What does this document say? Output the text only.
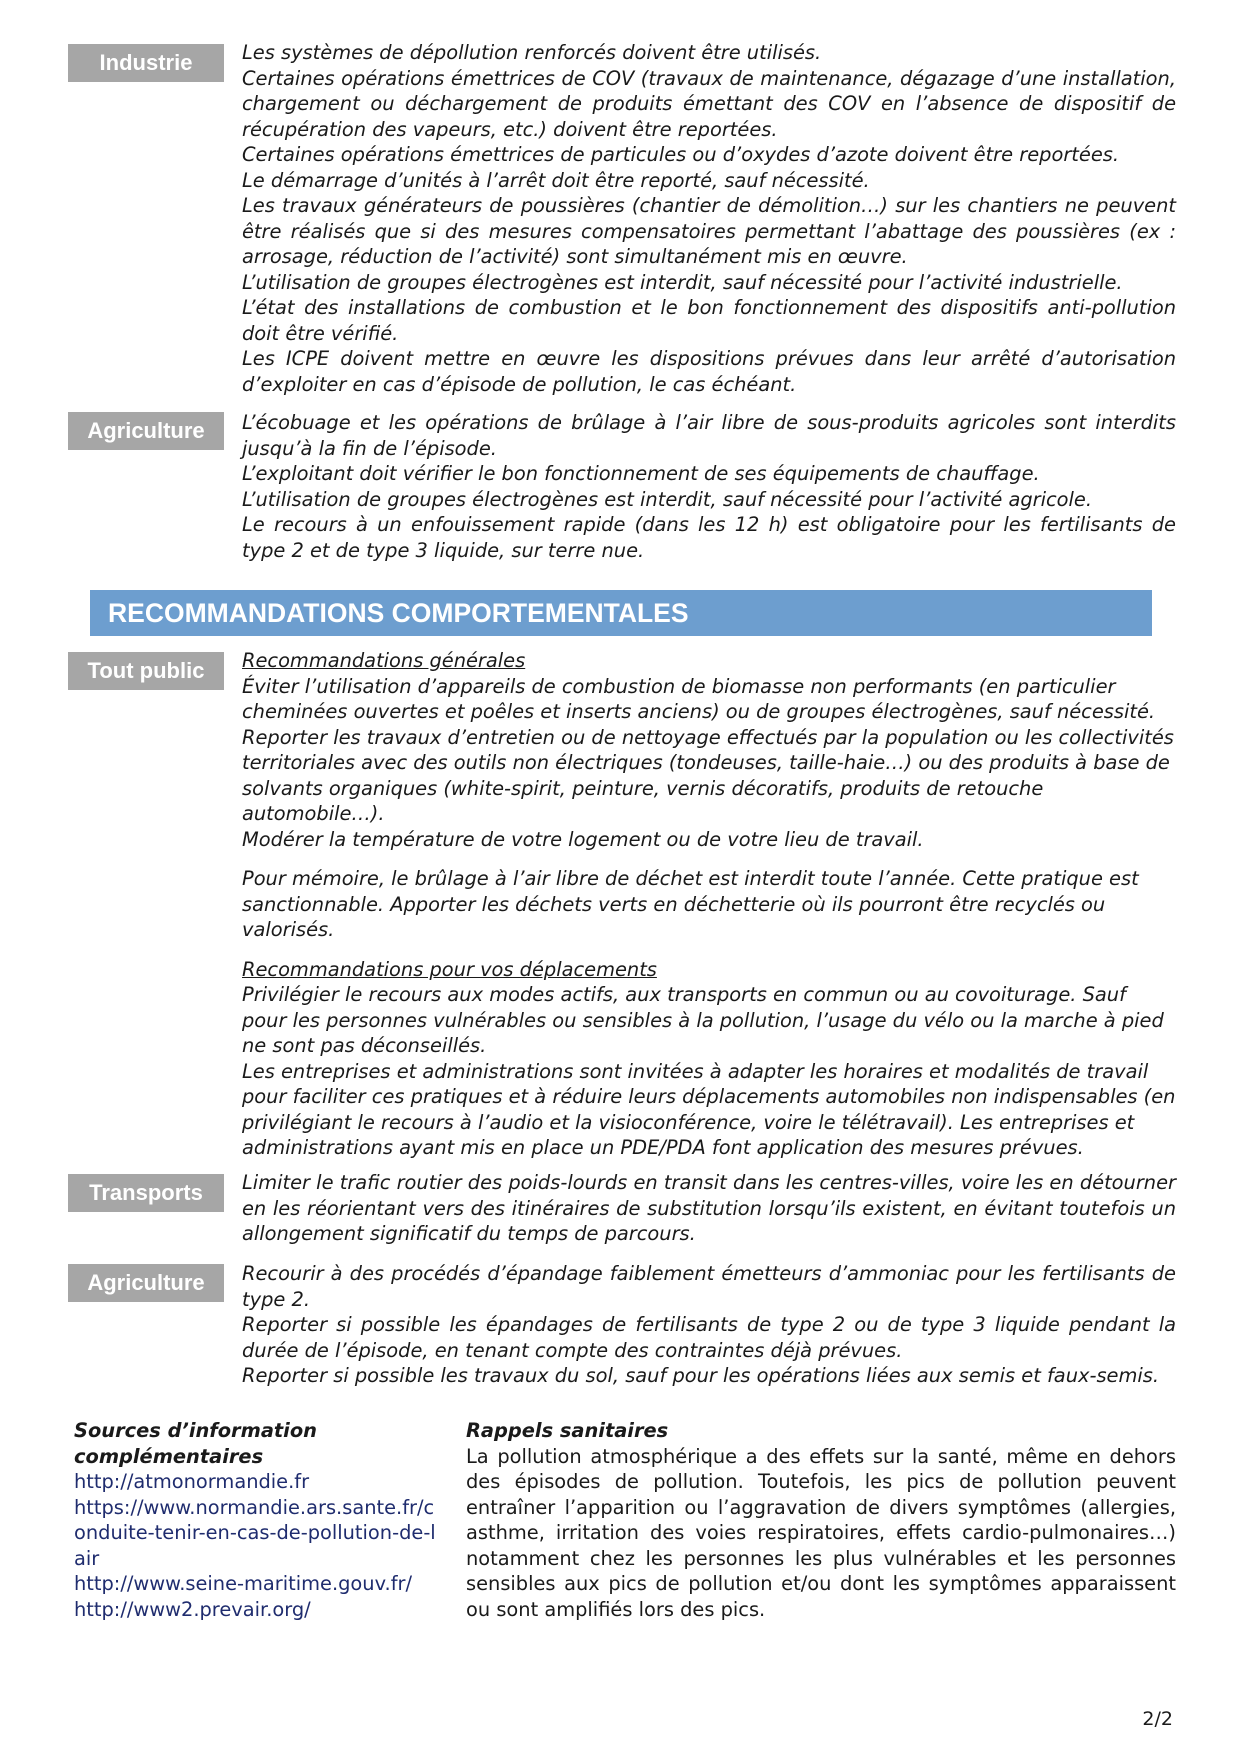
Industrie	Les systèmes de dépollution renforcés doivent être utilisés.

Certaines opérations émettrices de COV (travaux de maintenance, dégazage d’une installation, chargement ou déchargement de produits émettant des COV en l’absence de dispositif de récupération des vapeurs, etc.) doivent être reportées.

Certaines opérations émettrices de particules ou d’oxydes d’azote doivent être reportées.

Le démarrage d’unités à l’arrêt doit être reporté, sauf nécessité.

Les travaux générateurs de poussières (chantier de démolition…) sur les chantiers ne peuvent être réalisés que si des mesures compensatoires permettant l’abattage des poussières (ex : arrosage, réduction de l’activité) sont simultanément mis en œuvre.

L’utilisation de groupes électrogènes est interdit, sauf nécessité pour l’activité industrielle.

L’état des installations de combustion et le bon fonctionnement des dispositifs anti-pollution doit être vérifié.

Les ICPE doivent mettre en œuvre les dispositions prévues dans leur arrêté d’autorisation d’exploiter en cas d’épisode de pollution, le cas échéant.

Agriculture	L’écobuage et les opérations de brûlage à l’air libre de sous-produits agricoles sont interdits jusqu’à la fin de l’épisode.

L’exploitant doit vérifier le bon fonctionnement de ses équipements de chauffage.

L’utilisation de groupes électrogènes est interdit, sauf nécessité pour l’activité agricole.

Le recours à un enfouissement rapide (dans les 12 h) est obligatoire pour les fertilisants de type 2 et de type 3 liquide, sur terre nue.

RECOMMANDATIONS COMPORTEMENTALES
Tout public	Recommandations générales

Éviter l’utilisation d’appareils de combustion de biomasse non performants (en particulier cheminées ouvertes et poêles et inserts anciens) ou de groupes électrogènes, sauf nécessité.

Reporter les travaux d’entretien ou de nettoyage effectués par la population ou les collectivités territoriales avec des outils non électriques (tondeuses, taille-haie…) ou des produits à base de solvants organiques (white-spirit, peinture, vernis décoratifs, produits de retouche automobile…).

Modérer la température de votre logement ou de votre lieu de travail.

Pour mémoire, le brûlage à l’air libre de déchet est interdit toute l’année. Cette pratique est sanctionnable. Apporter les déchets verts en déchetterie où ils pourront être recyclés ou valorisés.

Recommandations pour vos déplacements

Privilégier le recours aux modes actifs, aux transports en commun ou au covoiturage. Sauf pour les personnes vulnérables ou sensibles à la pollution, l’usage du vélo ou la marche à pied ne sont pas déconseillés.

Les entreprises et administrations sont invitées à adapter les horaires et modalités de travail pour faciliter ces pratiques et à réduire leurs déplacements automobiles non indispensables (en privilégiant le recours à l’audio et la visioconférence, voire le télétravail). Les entreprises et administrations ayant mis en place un PDE/PDA font application des mesures prévues.

Transports	Limiter le trafic routier des poids-lourds en transit dans les centres-villes, voire les en détourner en les réorientant vers des itinéraires de substitution lorsqu’ils existent, en évitant toutefois un allongement significatif du temps de parcours.

Agriculture	Recourir à des procédés d’épandage faiblement émetteurs d’ammoniac pour les fertilisants de type 2.

Reporter si possible les épandages de fertilisants de type 2 ou de type 3 liquide pendant la durée de l’épisode, en tenant compte des contraintes déjà prévues.

Reporter si possible les travaux du sol, sauf pour les opérations liées aux semis et faux-semis.

Sources d’information complémentaires
http://atmonormandie.fr
https://www.normandie.ars.sante.fr/conduite-tenir-en-cas-de-pollution-de-lair
http://www.seine-maritime.gouv.fr/
http://www2.prevair.org/
Rappels sanitaires
La pollution atmosphérique a des effets sur la santé, même en dehors des épisodes de pollution. Toutefois, les pics de pollution peuvent entraîner l’apparition ou l’aggravation de divers symptômes (allergies, asthme, irritation des voies respiratoires, effets cardio-pulmonaires…) notamment chez les personnes les plus vulnérables et les personnes sensibles aux pics de pollution et/ou dont les symptômes apparaissent ou sont amplifiés lors des pics.
2/2
